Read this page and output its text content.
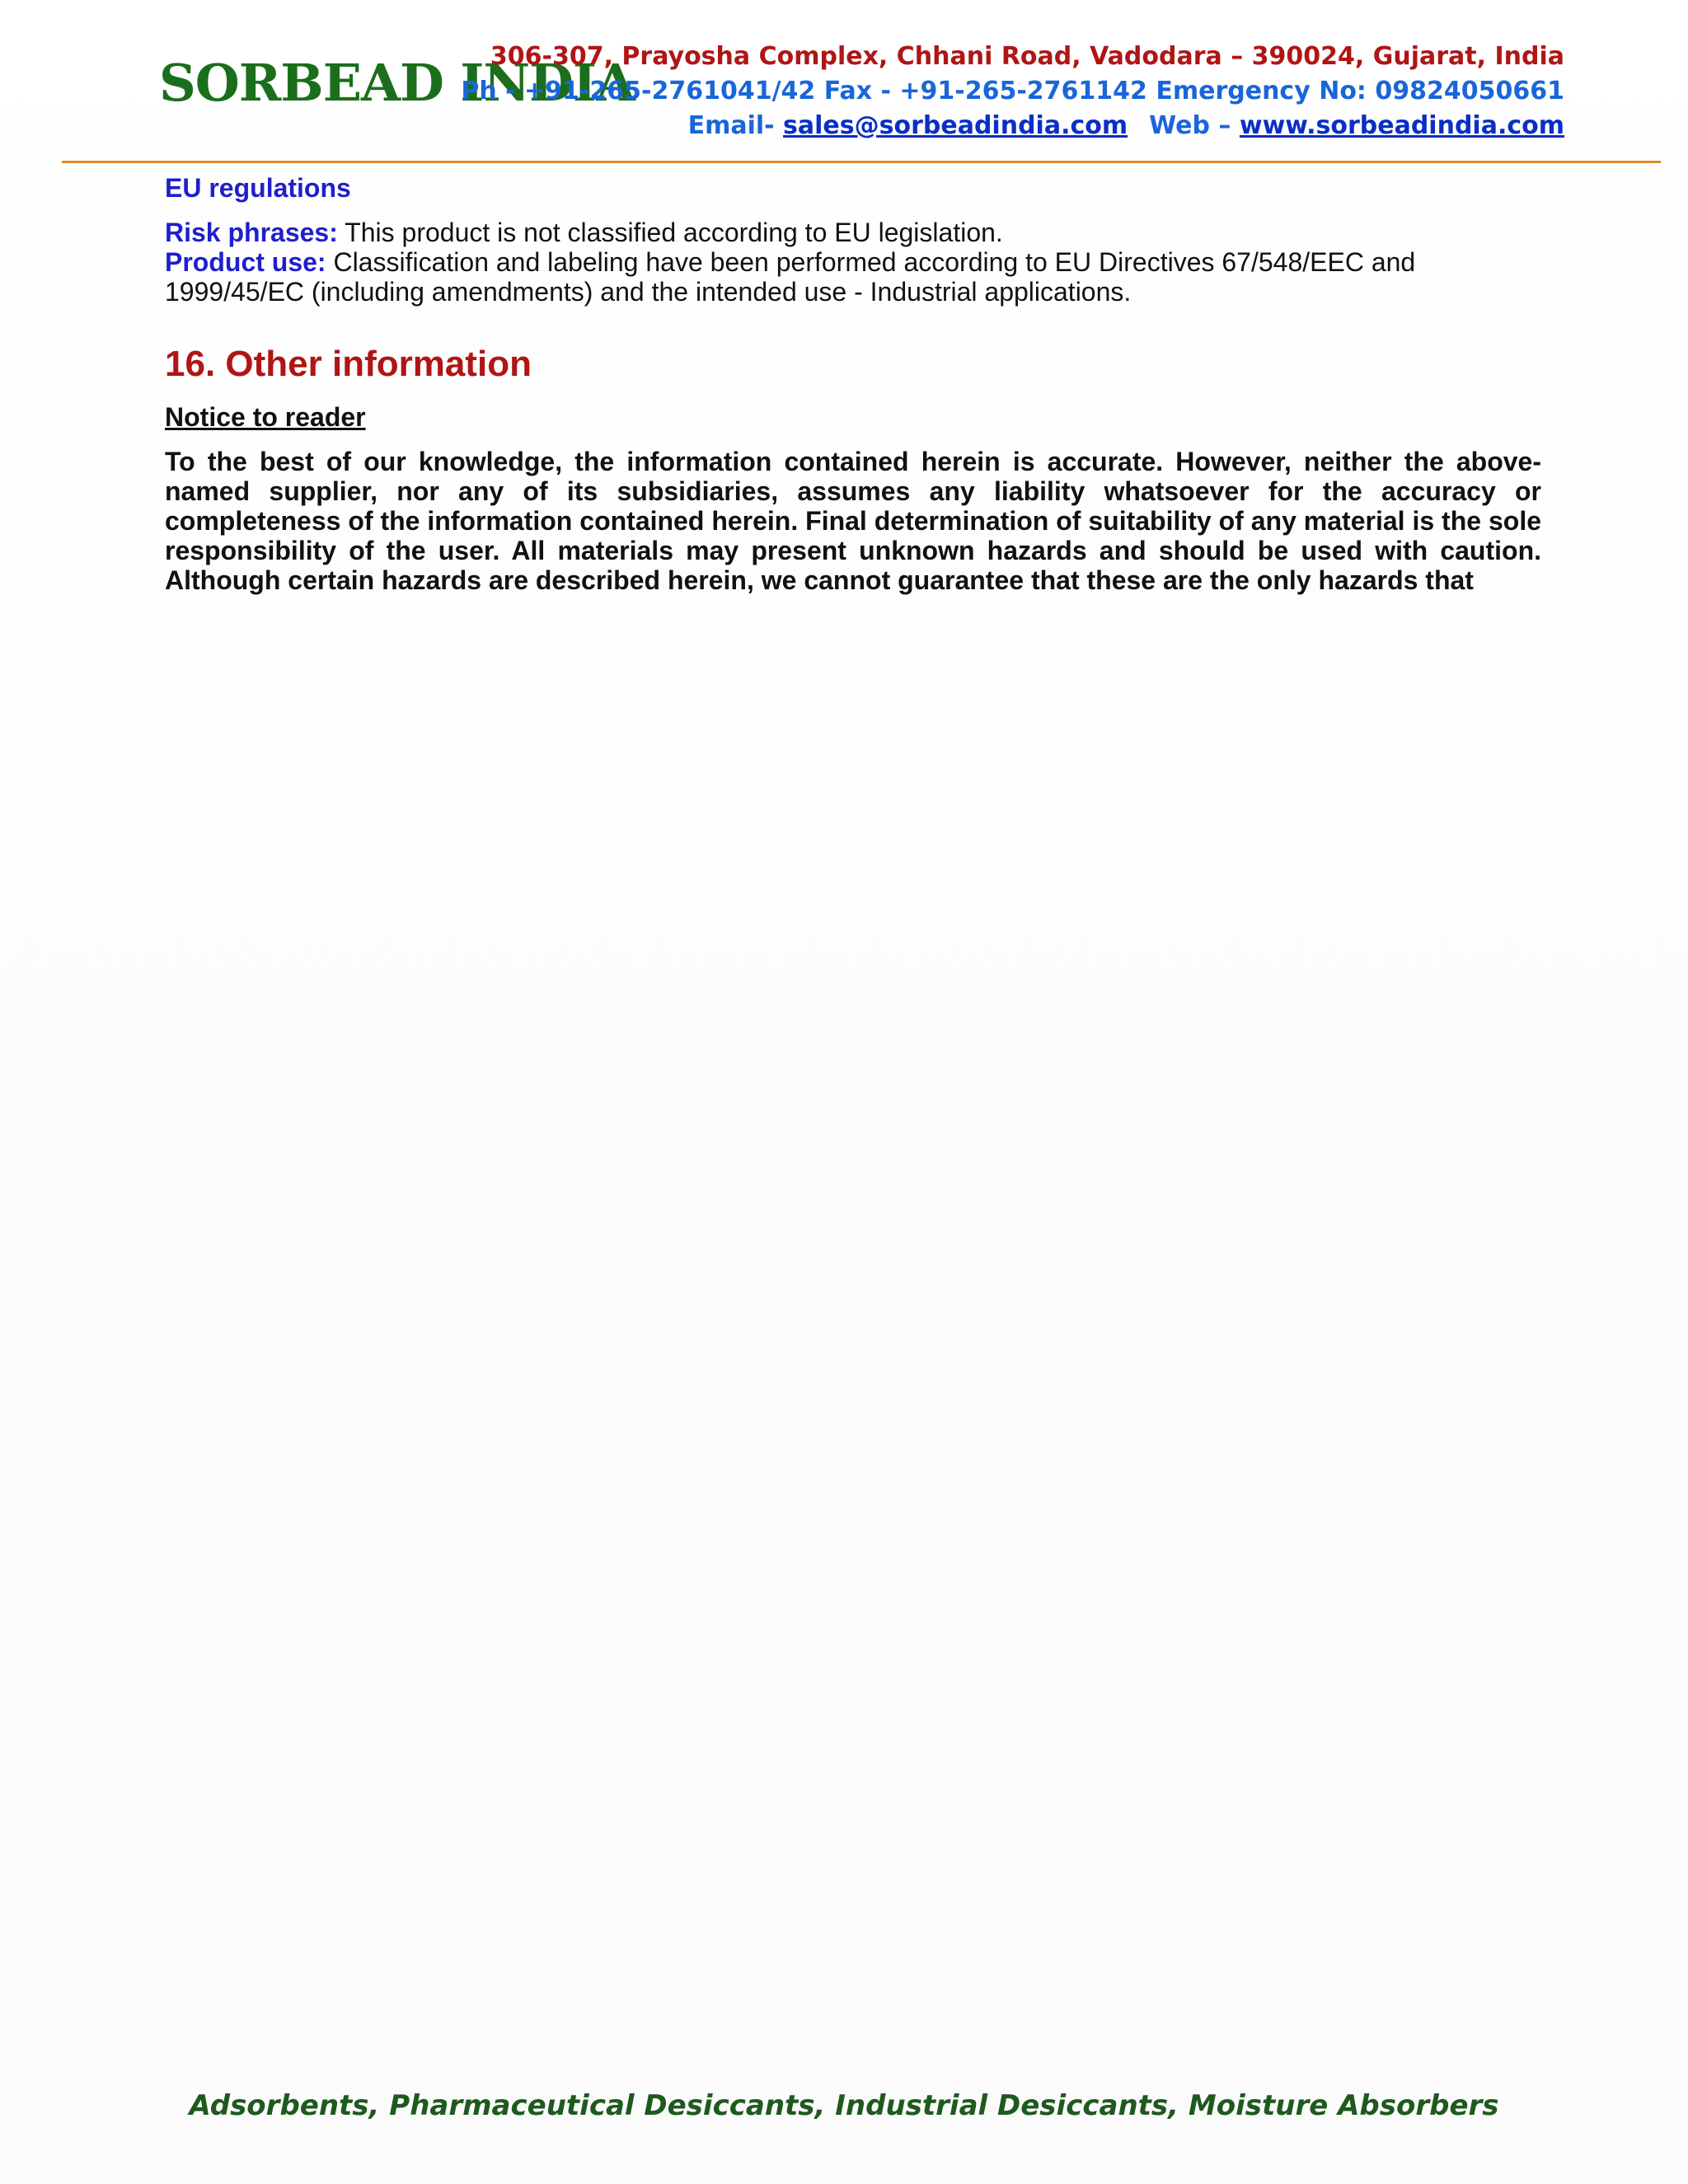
SORBEAD INDIA
306-307, Prayosha Complex, Chhani Road, Vadodara – 390024, Gujarat, India
Ph - +91-265-2761041/42 Fax - +91-265-2761142 Emergency No: 09824050661
Email- sales@sorbeadindia.com Web – www.sorbeadindia.com
EU regulations

Risk phrases: This product is not classified according to EU legislation.

Product use: Classification and labeling have been performed according to EU Directives 67/548/EEC and 1999/45/EC (including amendments) and the intended use - Industrial applications.

16. Other information
Notice to reader

To the best of our knowledge, the information contained herein is accurate. However, neither the above-named supplier, nor any of its subsidiaries, assumes any liability whatsoever for the accuracy or completeness of the information contained herein. Final determination of suitability of any material is the sole responsibility of the user. All materials may present unknown hazards and should be used with caution. Although certain hazards are described herein, we cannot guarantee that these are the only hazards that

Adsorbents, Pharmaceutical Desiccants, Industrial Desiccants, Moisture Absorbers
